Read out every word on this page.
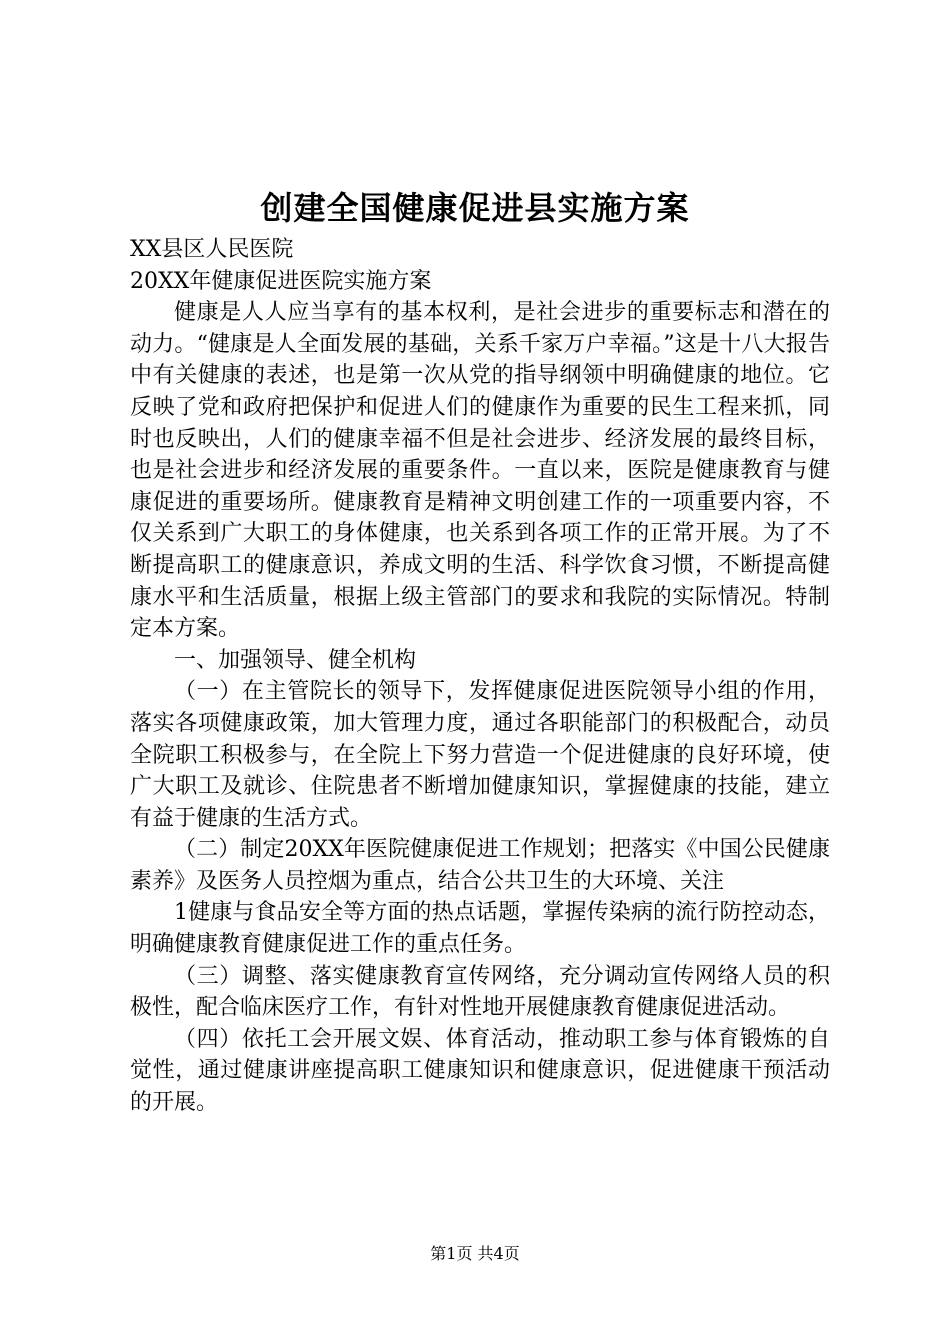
创建全国健康促进县实施方案

XX县区人民医院

20XX年健康促进医院实施方案

健康是人人应当享有的基本权利，是社会进步的重要标志和潜在的动力。“健康是人全面发展的基础，关系千家万户幸福。”这是十八大报告中有关健康的表述，也是第一次从党的指导纲领中明确健康的地位。它反映了党和政府把保护和促进人们的健康作为重要的民生工程来抓，同时也反映出，人们的健康幸福不但是社会进步、经济发展的最终目标，也是社会进步和经济发展的重要条件。一直以来，医院是健康教育与健康促进的重要场所。健康教育是精神文明创建工作的一项重要内容，不仅关系到广大职工的身体健康，也关系到各项工作的正常开展。为了不断提高职工的健康意识，养成文明的生活、科学饮食习惯，不断提高健康水平和生活质量，根据上级主管部门的要求和我院的实际情况。特制定本方案。

一、加强领导、健全机构

（一）在主管院长的领导下，发挥健康促进医院领导小组的作用，落实各项健康政策，加大管理力度，通过各职能部门的积极配合，动员全院职工积极参与，在全院上下努力营造一个促进健康的良好环境，使广大职工及就诊、住院患者不断增加健康知识，掌握健康的技能，建立有益于健康的生活方式。

（二）制定20XX年医院健康促进工作规划；把落实《中国公民健康素养》及医务人员控烟为重点，结合公共卫生的大环境、关注

1健康与食品安全等方面的热点话题，掌握传染病的流行防控动态，明确健康教育健康促进工作的重点任务。

（三）调整、落实健康教育宣传网络，充分调动宣传网络人员的积极性，配合临床医疗工作，有针对性地开展健康教育健康促进活动。

（四）依托工会开展文娱、体育活动，推动职工参与体育锻炼的自觉性，通过健康讲座提高职工健康知识和健康意识，促进健康干预活动的开展。

第1页 共4页
